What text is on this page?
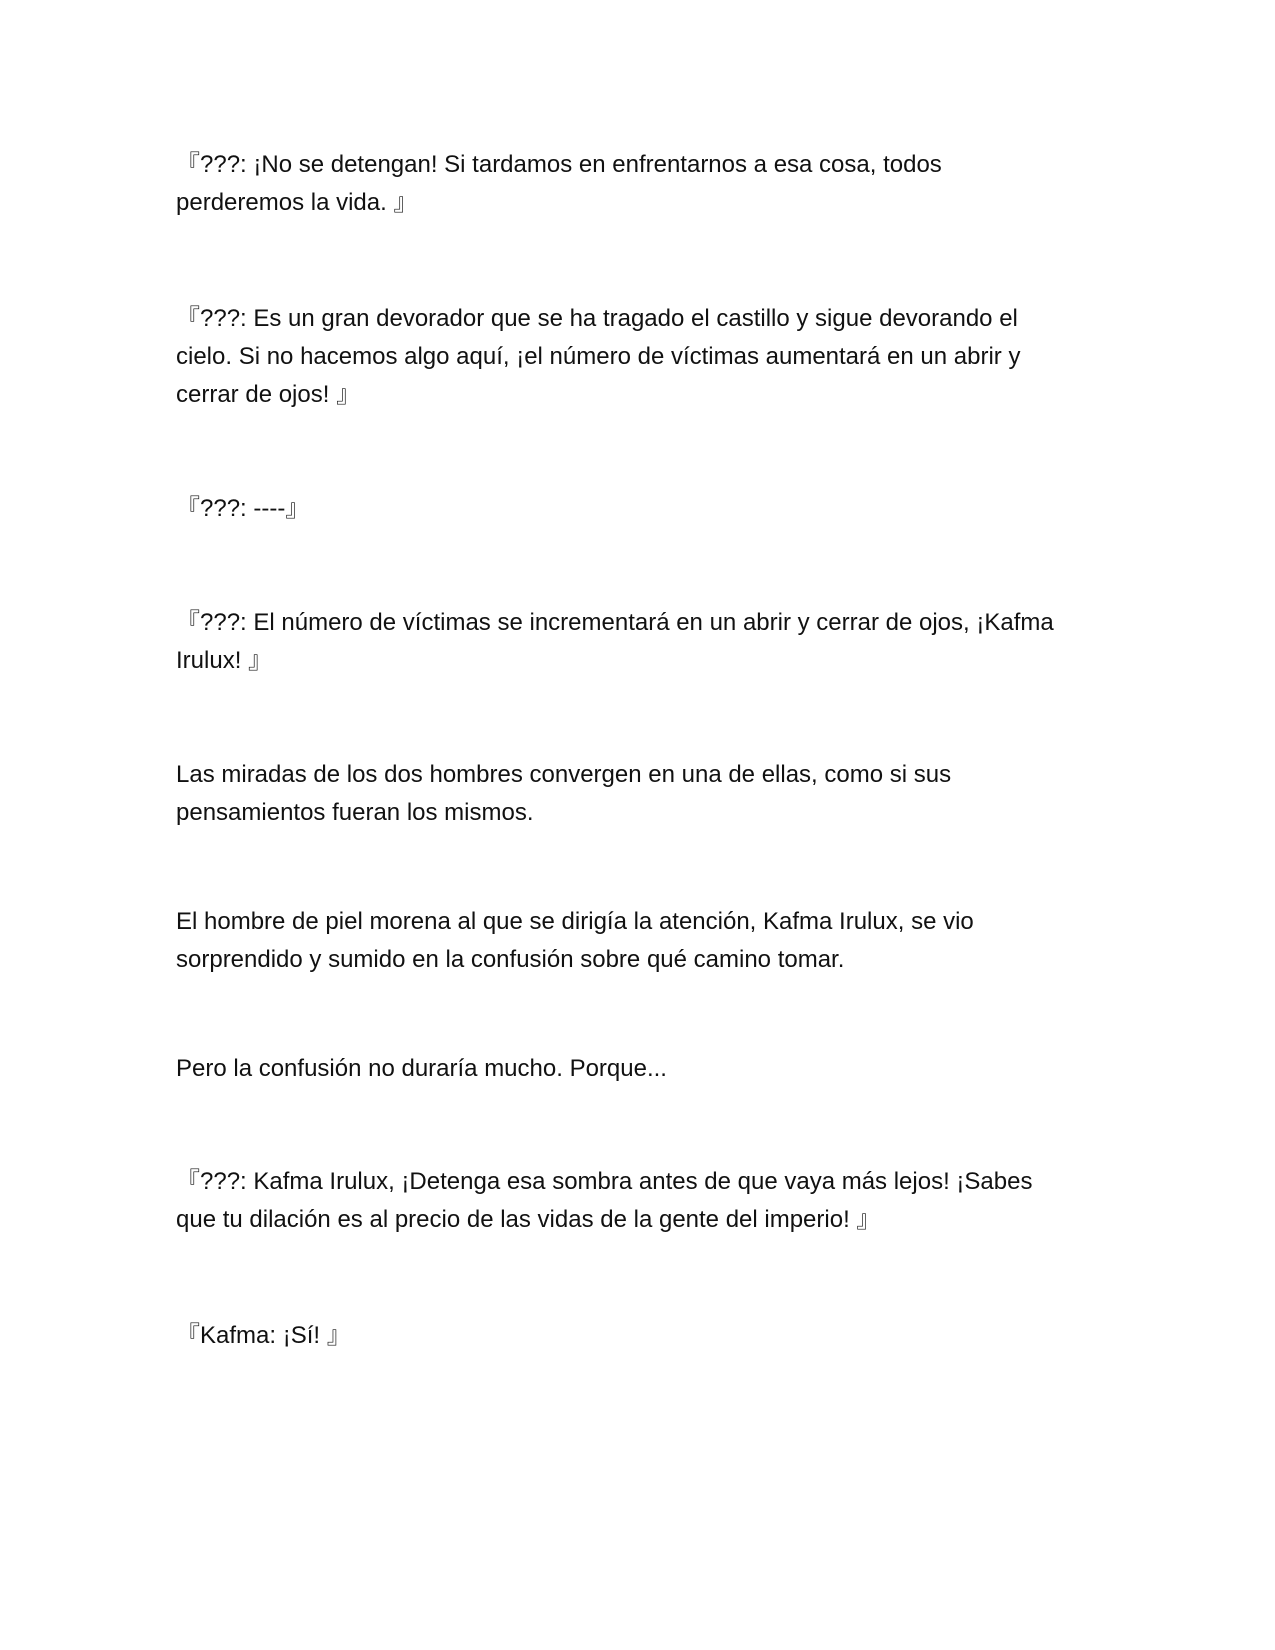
『???: ¡No se detengan! Si tardamos en enfrentarnos a esa cosa, todos perderemos la vida. 』

『???: Es un gran devorador que se ha tragado el castillo y sigue devorando el cielo. Si no hacemos algo aquí, ¡el número de víctimas aumentará en un abrir y cerrar de ojos! 』

『???: ----』

『???: El número de víctimas se incrementará en un abrir y cerrar de ojos, ¡Kafma Irulux! 』

Las miradas de los dos hombres convergen en una de ellas, como si sus pensamientos fueran los mismos.

El hombre de piel morena al que se dirigía la atención, Kafma Irulux, se vio sorprendido y sumido en la confusión sobre qué camino tomar.

Pero la confusión no duraría mucho. Porque...

『???: Kafma Irulux, ¡Detenga esa sombra antes de que vaya más lejos! ¡Sabes que tu dilación es al precio de las vidas de la gente del imperio! 』

『Kafma: ¡Sí! 』
